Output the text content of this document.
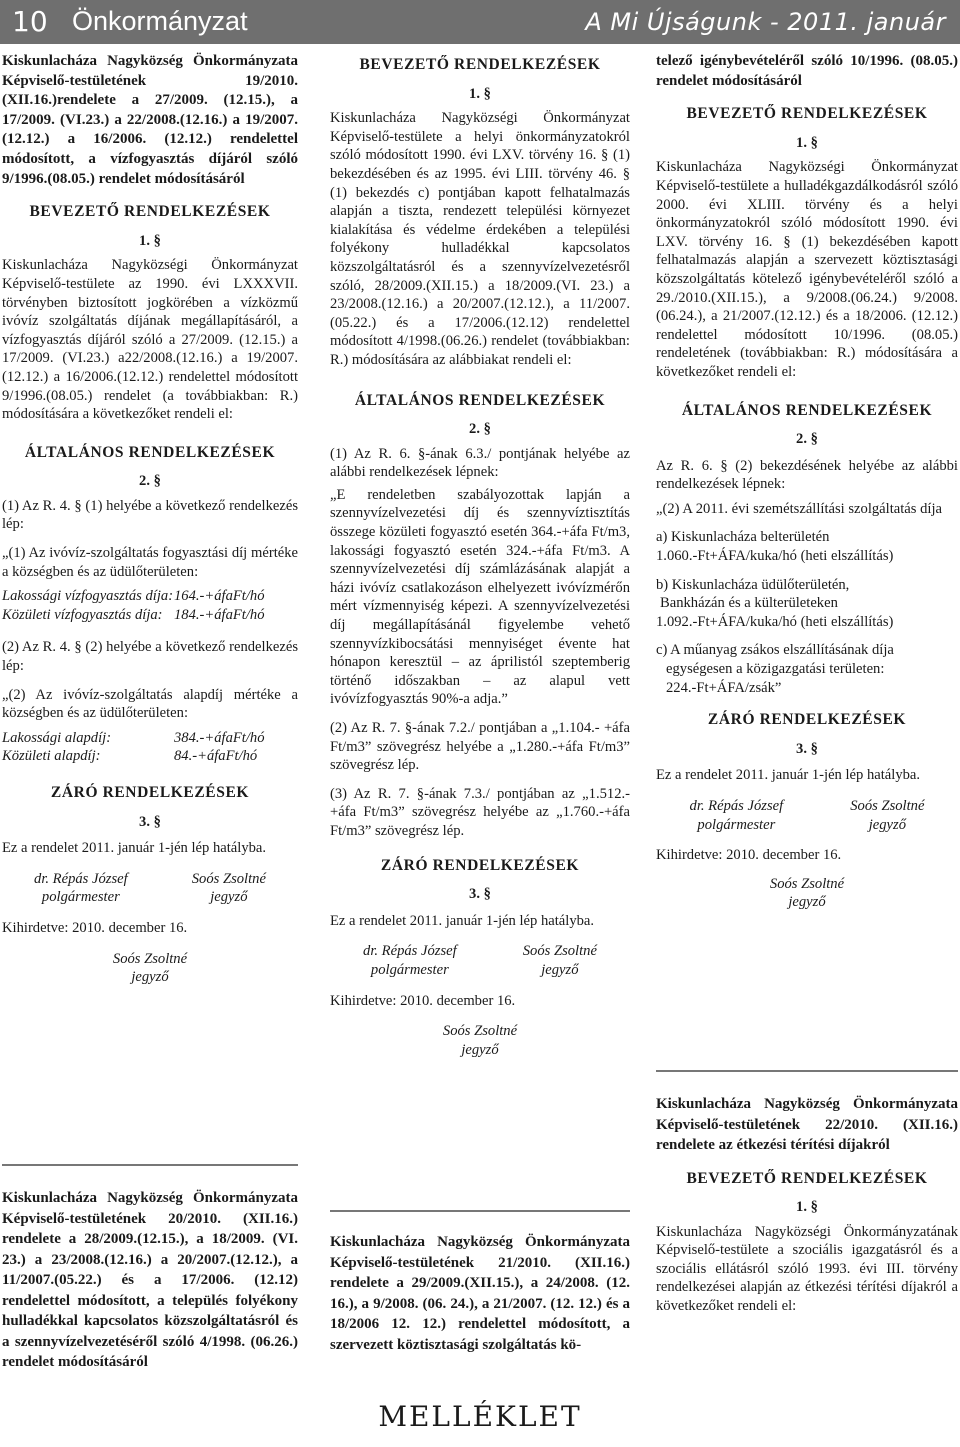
10 Önkormányzat	A Mi Újságunk - 2011. január

Kiskunlacháza Nagyközség Önkormányzata Képviselő-testületének 19/2010. (XII.16.)rendelete a 27/2009. (12.15.), a 17/2009. (VI.23.) a 22/2008.(12.16.) a 19/2007.(12.12.) a 16/2006. (12.12.) rendelettel módosított, a vízfogyasztás díjáról szóló 9/1996.(08.05.) rendelet módosításáról

BEVEZETŐ RENDELKEZÉSEK
1. §

Kiskunlacháza Nagyközségi Önkormányzat Képviselő-testülete az 1990. évi LXXXVII. törvényben biztosított jogkörében a vízközmű ivóvíz szolgáltatás díjának megállapításáról, a vízfogyasztás díjáról szóló a 27/2009. (12.15.) a 17/2009. (VI.23.) a22/2008.(12.16.) a 19/2007.(12.12.) a 16/2006.(12.12.) rendelettel módosított 9/1996.(08.05.) rendelet (a továbbiakban: R.) módosítására a következőket rendeli el:

ÁLTALÁNOS RENDELKEZÉSEK
2. §

(1) Az R. 4. § (1) helyébe a következő rendelkezés lép:

„(1) Az ivóvíz-szolgáltatás fogyasztási díj mértéke a községben és az üdülőterületen:

Lakossági vízfogyasztás díja: 164.-+áfaFt/hó
Közületi vízfogyasztás díja: 184.-+áfaFt/hó

(2) Az R. 4. § (2) helyébe a következő rendelkezés lép:

„(2) Az ivóvíz-szolgáltatás alapdíj mértéke a községben és az üdülőterületen:

Lakossági alapdíj:	384.-+áfaFt/hó
Közületi alapdíj:	84.-+áfaFt/hó
ZÁRÓ RENDELKEZÉSEK
3. §

Ez a rendelet 2011. január 1-jén lép hatályba.

dr. Répás József
polgármester
Soós Zsoltné
jegyző

Kihirdetve: 2010. december 16.

Soós Zsoltné
jegyző

Kiskunlacháza Nagyközség Önkormányzata Képviselő-testületének 20/2010. (XII.16.) rendelete a 28/2009.(12.15.), a 18/2009. (VI. 23.) a 23/2008.(12.16.) a 20/2007.(12.12.), a 11/2007.(05.22.) és a 17/2006. (12.12) rendelettel módosított, a település folyékony hulladékkal kapcsolatos közszolgáltatásról és a szennyvízelvezetéséről szóló 4/1998. (06.26.) rendelet módosításáról

BEVEZETŐ RENDELKEZÉSEK
1. §

Kiskunlacháza Nagyközségi Önkormányzat Képviselő-testülete a helyi önkormányzatokról szóló módosított 1990. évi LXV. törvény 16. § (1) bekezdésében és az 1995. évi LIII. törvény 46. § (1) bekezdés c) pontjában kapott felhatalmazás alapján a tiszta, rendezett települési környezet kialakítása és védelme érdekében a települési folyékony hulladékkal kapcsolatos közszolgáltatásról és a szennyvízelvezetésről szóló, 28/2009.(XII.15.) a 18/2009.(VI. 23.) a 23/2008.(12.16.) a 20/2007.(12.12.), a 11/2007.(05.22.) és a 17/2006.(12.12) rendelettel módosított 4/1998.(06.26.) rendelet (továbbiakban: R.) módosítására az alábbiakat rendeli el:

ÁLTALÁNOS RENDELKEZÉSEK
2. §

(1) Az R. 6. §-ának 6.3./ pontjának helyébe az alábbi rendelkezések lépnek:

„E rendeletben szabályozottak lapján a szennyvízelvezetési díj és szennyvíztisztítás összege közületi fogyasztó esetén 364.-+áfa Ft/m3, lakossági fogyasztó esetén 324.-+áfa Ft/m3. A szennyvízelvezetési díj számlázásának alapját a házi ivóvíz csatlakozáson elhelyezett ivóvízmérőn mért vízmennyiség képezi. A szennyvízelvezetési díj megállapításánál figyelembe vehető szennyvízkibocsátási mennyiséget évente hat hónapon keresztül – az áprilistól szeptemberig történő időszakban – az alapul vett ivóvízfogyasztás 90%-a adja.”

(2) Az R. 7. §-ának 7.2./ pontjában a „1.104.- +áfa Ft/m3” szövegrész helyébe a „1.280.-+áfa Ft/m3” szövegrész lép.

(3) Az R. 7. §-ának 7.3./ pontjában az „1.512.- +áfa Ft/m3” szövegrész helyébe az „1.760.-+áfa Ft/m3” szövegrész lép.

ZÁRÓ RENDELKEZÉSEK
3. §

Ez a rendelet 2011. január 1-jén lép hatályba.

dr. Répás József
polgármester
Soós Zsoltné
jegyző

Kihirdetve: 2010. december 16.

Soós Zsoltné
jegyző

Kiskunlacháza Nagyközség Önkormányzata Képviselő-testületének 21/2010. (XII.16.) rendelete a 29/2009.(XII.15.), a 24/2008. (12. 16.), a 9/2008. (06. 24.), a 21/2007. (12. 12.) és a 18/2006 12. 12.) rendelettel módosított, a szervezett köztisztasági szolgáltatás kö-

telező igénybevételéről szóló 10/1996. (08.05.) rendelet módosításáról

BEVEZETŐ RENDELKEZÉSEK
1. §

Kiskunlacháza Nagyközségi Önkormányzat Képviselő-testülete a hulladékgazdálkodásról szóló 2000. évi XLIII. törvény és a helyi önkormányzatokról szóló módosított 1990. évi LXV. törvény 16. § (1) bekezdésében kapott felhatalmazás alapján a szervezett köztisztasági közszolgáltatás kötelező igénybevételéről szóló a 29./2010.(XII.15.), a 9/2008.(06.24.) 9/2008. (06.24.), a 21/2007.(12.12.) és a 18/2006. (12.12.) rendelettel módosított 10/1996. (08.05.) rendeletének (továbbiakban: R.) módosítására a következőket rendeli el:

ÁLTALÁNOS RENDELKEZÉSEK
2. §

Az R. 6. § (2) bekezdésének helyébe az alábbi rendelkezések lépnek:

„(2) A 2011. évi szemétszállítási szolgáltatás díja

a) Kiskunlacháza belterületén
1.060.-Ft+ÁFA/kuka/hó (heti elszállítás)
b) Kiskunlacháza üdülőterületén,
Bankházán és a külterületeken
1.092.-Ft+ÁFA/kuka/hó (heti elszállítás)
c) A műanyag zsákos elszállításának díja
egységesen a közigazgatási területen:
224.-Ft+ÁFA/zsák”
ZÁRÓ RENDELKEZÉSEK
3. §

Ez a rendelet 2011. január 1-jén lép hatályba.

dr. Répás József
polgármester
Soós Zsoltné
jegyző

Kihirdetve: 2010. december 16.

Soós Zsoltné
jegyző

Kiskunlacháza Nagyközség Önkormányzata Képviselő-testületének 22/2010. (XII.16.) rendelete az étkezési térítési díjakról

BEVEZETŐ RENDELKEZÉSEK
1. §

Kiskunlacháza Nagyközségi Önkormányzatának Képviselő-testülete a szociális igazgatásról és a szociális ellátásról szóló 1993. évi III. törvény rendelkezései alapján az étkezési térítési díjakról a következőket rendeli el:

MELLÉKLET
